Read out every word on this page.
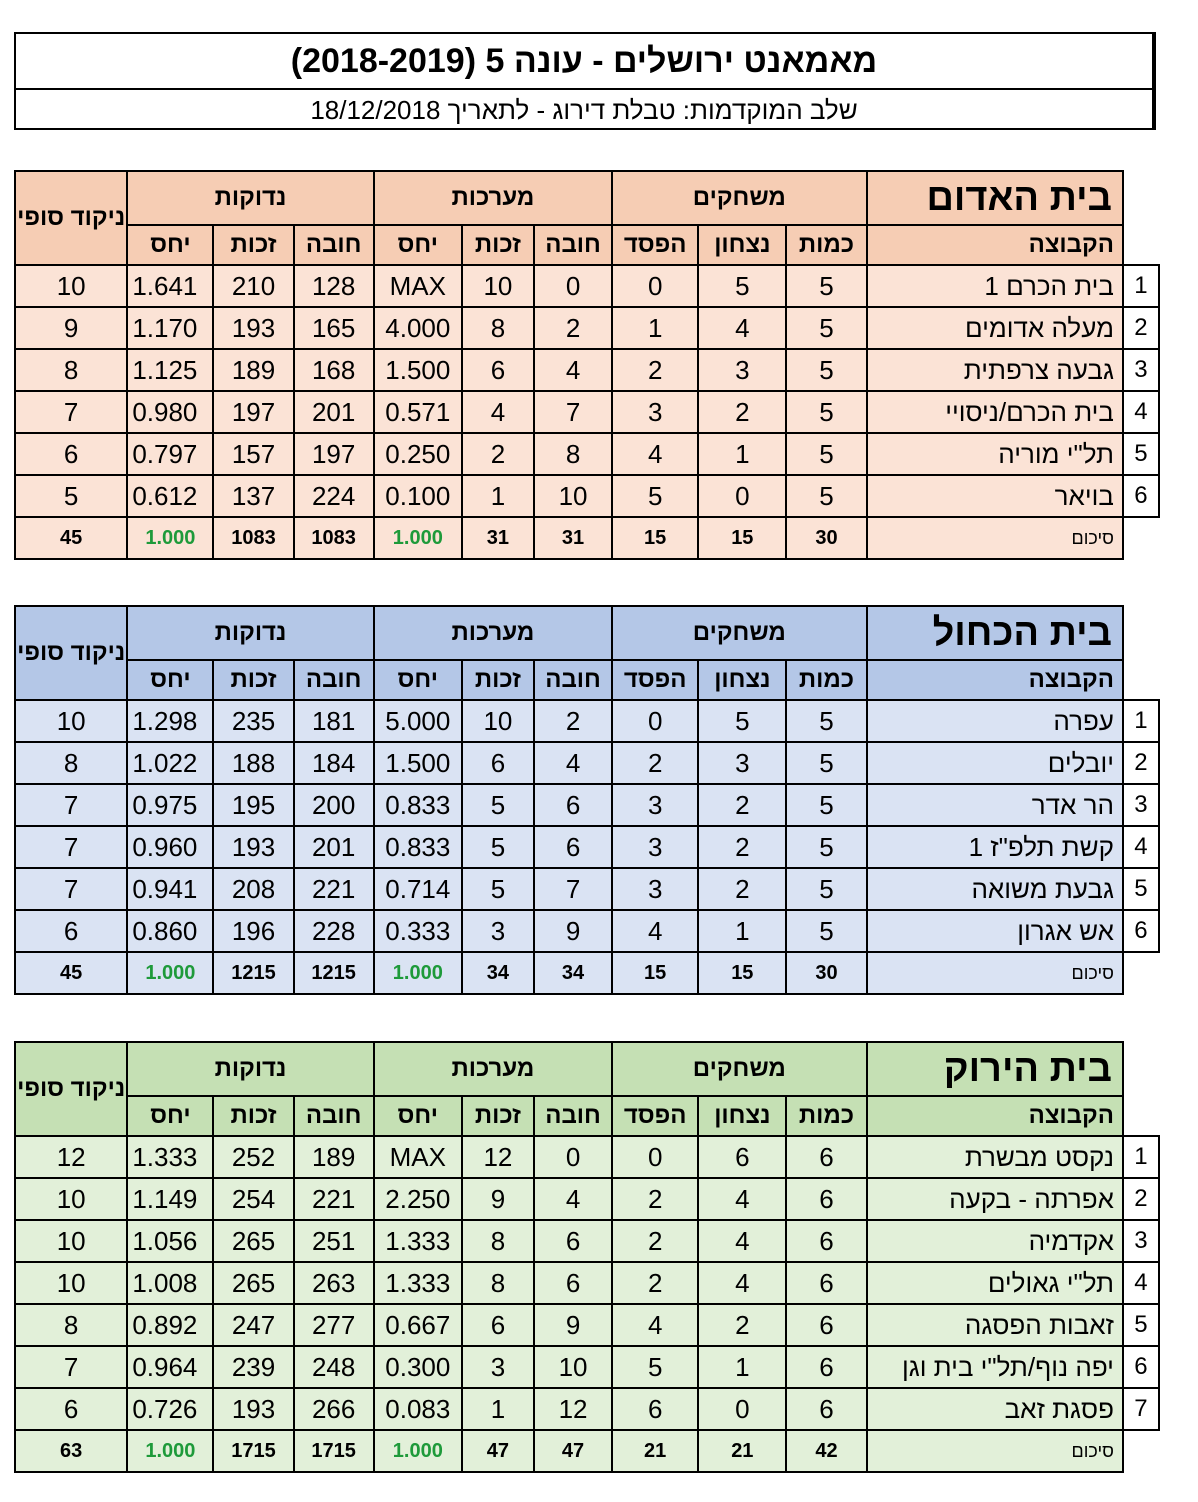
מאמאנט ירושלים - עונה 5 (2018-2019)
שלב המוקדמות: טבלת דירוג - לתאריך 18/12/2018
	בית האדום	משחקים			מערכות			נדוקות			ניקוד סופי
	הקבוצה	כמות	נצחון	הפסד	חובה	זכות	יחס	חובה	זכות	יחס	
1	בית הכרם 1	5	5	0	0	10	MAX	128	210	1.641	10
2	מעלה אדומים	5	4	1	2	8	4.000	165	193	1.170	9
3	גבעה צרפתית	5	3	2	4	6	1.500	168	189	1.125	8
4	בית הכרם/ניסויי	5	2	3	7	4	0.571	201	197	0.980	7
5	תל"י מוריה	5	1	4	8	2	0.250	197	157	0.797	6
6	בויאר	5	0	5	10	1	0.100	224	137	0.612	5
	סיכום	30	15	15	31	31	1.000	1083	1083	1.000	45
	בית הכחול	משחקים			מערכות			נדוקות			ניקוד סופי
	הקבוצה	כמות	נצחון	הפסד	חובה	זכות	יחס	חובה	זכות	יחס	
1	עפרה	5	5	0	2	10	5.000	181	235	1.298	10
2	יובלים	5	3	2	4	6	1.500	184	188	1.022	8
3	הר אדר	5	2	3	6	5	0.833	200	195	0.975	7
4	קשת תלפ"ז 1	5	2	3	6	5	0.833	201	193	0.960	7
5	גבעת משואה	5	2	3	7	5	0.714	221	208	0.941	7
6	אש אגרון	5	1	4	9	3	0.333	228	196	0.860	6
	סיכום	30	15	15	34	34	1.000	1215	1215	1.000	45
	בית הירוק	משחקים			מערכות			נדוקות			ניקוד סופי
	הקבוצה	כמות	נצחון	הפסד	חובה	זכות	יחס	חובה	זכות	יחס	
1	נקסט מבשרת	6	6	0	0	12	MAX	189	252	1.333	12
2	אפרתה - בקעה	6	4	2	4	9	2.250	221	254	1.149	10
3	אקדמיה	6	4	2	6	8	1.333	251	265	1.056	10
4	תל"י גאולים	6	4	2	6	8	1.333	263	265	1.008	10
5	זאבות הפסגה	6	2	4	9	6	0.667	277	247	0.892	8
6	יפה נוף/תל"י בית וגן	6	1	5	10	3	0.300	248	239	0.964	7
7	פסגת זאב	6	0	6	12	1	0.083	266	193	0.726	6
	סיכום	42	21	21	47	47	1.000	1715	1715	1.000	63
